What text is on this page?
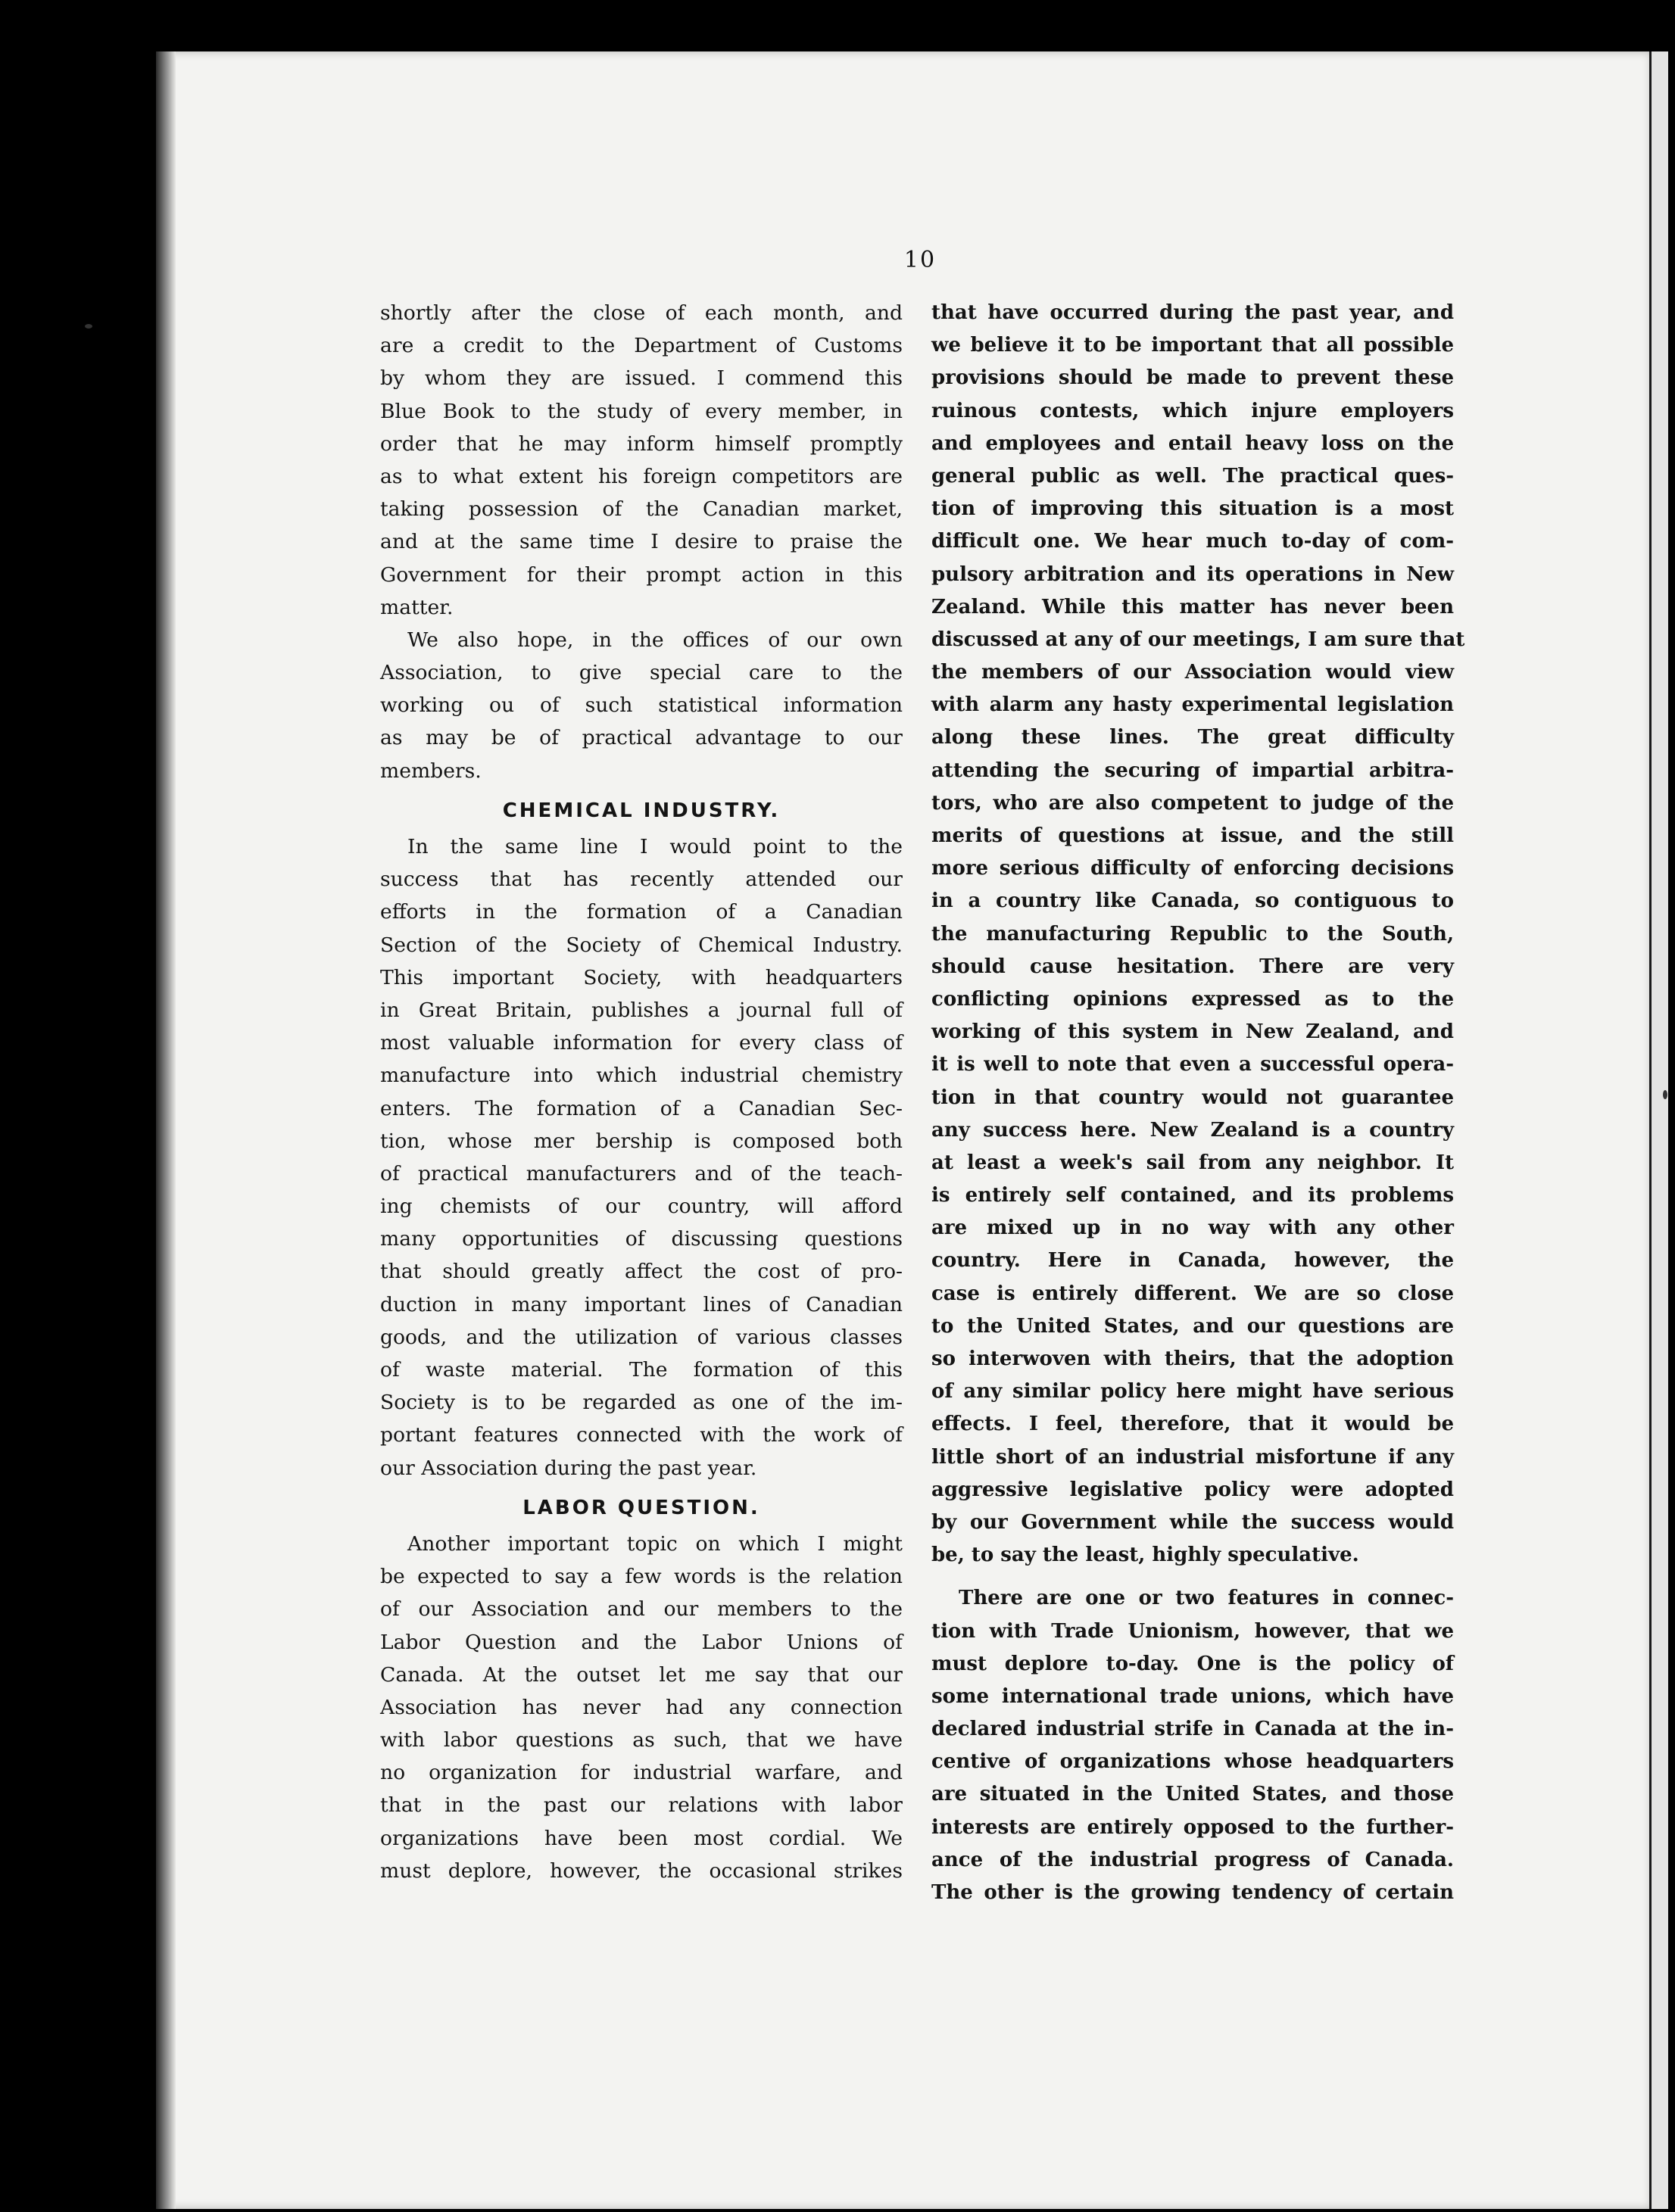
10
shortly after the close of each month, and
are a credit to the Department of Customs
by whom they are issued. I commend this
Blue Book to the study of every member, in
order that he may inform himself promptly
as to what extent his foreign competitors are
taking possession of the Canadian market,
and at the same time I desire to praise the
Government for their prompt action in this
matter.
We also hope, in the offices of our own
Association, to give special care to the
working ou of such statistical information
as may be of practical advantage to our
members.
CHEMICAL INDUSTRY.
In the same line I would point to the
success that has recently attended our
efforts in the formation of a Canadian
Section of the Society of Chemical Industry.
This important Society, with headquarters
in Great Britain, publishes a journal full of
most valuable information for every class of
manufacture into which industrial chemistry
enters. The formation of a Canadian Sec-
tion, whose mer bership is composed both
of practical manufacturers and of the teach-
ing chemists of our country, will afford
many opportunities of discussing questions
that should greatly affect the cost of pro-
duction in many important lines of Canadian
goods, and the utilization of various classes
of waste material. The formation of this
Society is to be regarded as one of the im-
portant features connected with the work of
our Association during the past year.
LABOR QUESTION.
Another important topic on which I might
be expected to say a few words is the relation
of our Association and our members to the
Labor Question and the Labor Unions of
Canada. At the outset let me say that our
Association has never had any connection
with labor questions as such, that we have
no organization for industrial warfare, and
that in the past our relations with labor
organizations have been most cordial. We
must deplore, however, the occasional strikes
that have occurred during the past year, and
we believe it to be important that all possible
provisions should be made to prevent these
ruinous contests, which injure employers
and employees and entail heavy loss on the
general public as well. The practical ques-
tion of improving this situation is a most
difficult one. We hear much to-day of com-
pulsory arbitration and its operations in New
Zealand. While this matter has never been
discussed at any of our meetings, I am sure that
the members of our Association would view
with alarm any hasty experimental legislation
along these lines. The great difficulty
attending the securing of impartial arbitra-
tors, who are also competent to judge of the
merits of questions at issue, and the still
more serious difficulty of enforcing decisions
in a country like Canada, so contiguous to
the manufacturing Republic to the South,
should cause hesitation. There are very
conflicting opinions expressed as to the
working of this system in New Zealand, and
it is well to note that even a successful opera-
tion in that country would not guarantee
any success here. New Zealand is a country
at least a week's sail from any neighbor. It
is entirely self contained, and its problems
are mixed up in no way with any other
country. Here in Canada, however, the
case is entirely different. We are so close
to the United States, and our questions are
so interwoven with theirs, that the adoption
of any similar policy here might have serious
effects. I feel, therefore, that it would be
little short of an industrial misfortune if any
aggressive legislative policy were adopted
by our Government while the success would
be, to say the least, highly speculative.
There are one or two features in connec-
tion with Trade Unionism, however, that we
must deplore to-day. One is the policy of
some international trade unions, which have
declared industrial strife in Canada at the in-
centive of organizations whose headquarters
are situated in the United States, and those
interests are entirely opposed to the further-
ance of the industrial progress of Canada.
The other is the growing tendency of certain
